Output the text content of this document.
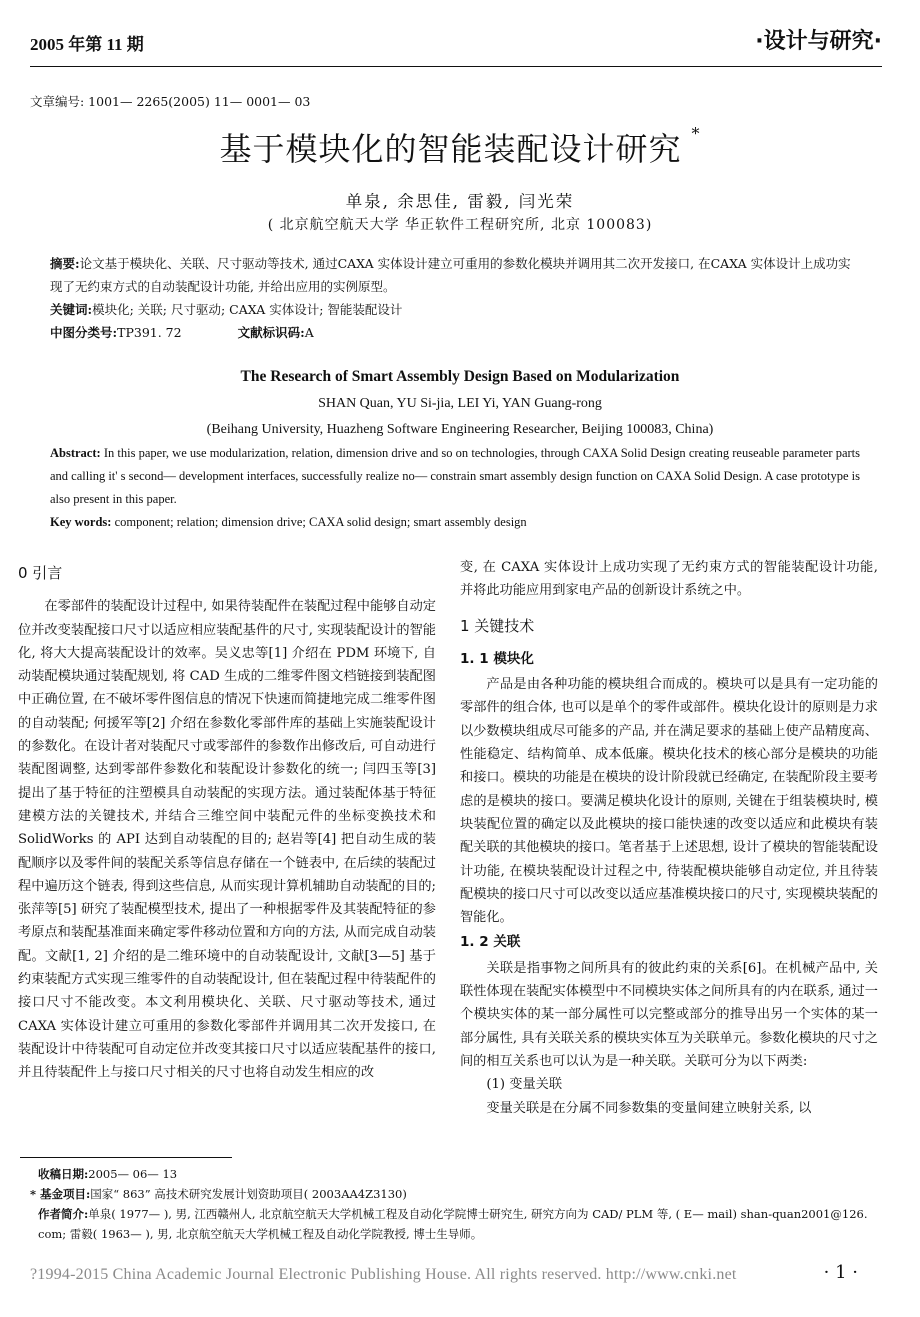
2005 年第 11 期	·设计与研究·
文章编号: 1001— 2265(2005) 11— 0001— 03
基于模块化的智能装配设计研究 *
单泉, 余思佳, 雷毅, 闫光荣
( 北京航空航天大学 华正软件工程研究所, 北京 100083)
摘要:论文基于模块化、关联、尺寸驱动等技术, 通过CAXA 实体设计建立可重用的参数化模块并调用其二次开发接口, 在CAXA 实体设计上成功实现了无约束方式的自动装配设计功能, 并给出应用的实例原型。
关键词:模块化; 关联; 尺寸驱动; CAXA 实体设计; 智能装配设计
中图分类号:TP391. 72	文献标识码:A
The Research of Smart Assembly Design Based on Modularization
SHAN Quan, YU Si-jia, LEI Yi, YAN Guang-rong
(Beihang University, Huazheng Software Engineering Researcher, Beijing 100083, China)
Abstract: In this paper, we use modularization, relation, dimension drive and so on technologies, through CAXA Solid Design creating reuseable parameter parts and calling it' s second— development interfaces, successfully realize no— constrain smart assembly design function on CAXA Solid Design. A case prototype is also present in this paper.
Key words: component; relation; dimension drive; CAXA solid design; smart assembly design
0 引言

在零部件的装配设计过程中, 如果待装配件在装配过程中能够自动定位并改变装配接口尺寸以适应相应装配基件的尺寸, 实现装配设计的智能化, 将大大提高装配设计的效率。吴义忠等[1] 介绍在 PDM 环境下, 自动装配模块通过装配规划, 将 CAD 生成的二维零件图文档链接到装配图中正确位置, 在不破坏零件图信息的情况下快速而简捷地完成二维零件图的自动装配; 何援军等[2] 介绍在参数化零部件库的基础上实施装配设计的参数化。在设计者对装配尺寸或零部件的参数作出修改后, 可自动进行装配图调整, 达到零部件参数化和装配设计参数化的统一; 闫四玉等[3] 提出了基于特征的注塑模具自动装配的实现方法。通过装配体基于特征建模方法的关键技术, 并结合三维空间中装配元件的坐标变换技术和 SolidWorks 的 API 达到自动装配的目的; 赵岩等[4] 把自动生成的装配顺序以及零件间的装配关系等信息存储在一个链表中, 在后续的装配过程中遍历这个链表, 得到这些信息, 从而实现计算机辅助自动装配的目的; 张萍等[5] 研究了装配模型技术, 提出了一种根据零件及其装配特征的参考原点和装配基准面来确定零件移动位置和方向的方法, 从而完成自动装配。文献[1, 2] 介绍的是二维环境中的自动装配设计, 文献[3—5] 基于约束装配方式实现三维零件的自动装配设计, 但在装配过程中待装配件的接口尺寸不能改变。本文利用模块化、关联、尺寸驱动等技术, 通过 CAXA 实体设计建立可重用的参数化零部件并调用其二次开发接口, 在装配设计中待装配可自动定位并改变其接口尺寸以适应装配基件的接口, 并且待装配件上与接口尺寸相关的尺寸也将自动发生相应的改

变, 在 CAXA 实体设计上成功实现了无约束方式的智能装配设计功能, 并将此功能应用到家电产品的创新设计系统之中。

1 关键技术
1. 1 模块化

产品是由各种功能的模块组合而成的。模块可以是具有一定功能的零部件的组合体, 也可以是单个的零件或部件。模块化设计的原则是力求以少数模块组成尽可能多的产品, 并在满足要求的基础上使产品精度高、性能稳定、结构简单、成本低廉。模块化技术的核心部分是模块的功能和接口。模块的功能是在模块的设计阶段就已经确定, 在装配阶段主要考虑的是模块的接口。要满足模块化设计的原则, 关键在于组装模块时, 模块装配位置的确定以及此模块的接口能快速的改变以适应和此模块有装配关联的其他模块的接口。笔者基于上述思想, 设计了模块的智能装配设计功能, 在模块装配设计过程之中, 待装配模块能够自动定位, 并且待装配模块的接口尺寸可以改变以适应基准模块接口的尺寸, 实现模块装配的智能化。

1. 2 关联

关联是指事物之间所具有的彼此约束的关系[6]。在机械产品中, 关联性体现在装配实体模型中不同模块实体之间所具有的内在联系, 通过一个模块实体的某一部分属性可以完整或部分的推导出另一个实体的某一部分属性, 具有关联关系的模块实体互为关联单元。参数化模块的尺寸之间的相互关系也可以认为是一种关联。关联可分为以下两类:

(1) 变量关联

变量关联是在分属不同参数集的变量间建立映射关系, 以

收稿日期:2005— 06— 13
* 基金项目:国家“ 863” 高技术研究发展计划资助项目( 2003AA4Z3130)
作者简介:单泉( 1977— ), 男, 江西赣州人, 北京航空航天大学机械工程及自动化学院博士研究生, 研究方向为 CAD/ PLM 等, ( E— mail) shan-quan2001@126. com; 雷毅( 1963— ), 男, 北京航空航天大学机械工程及自动化学院教授, 博士生导师。
· 1 ·
?1994-2015 China Academic Journal Electronic Publishing House. All rights reserved. http://www.cnki.net
